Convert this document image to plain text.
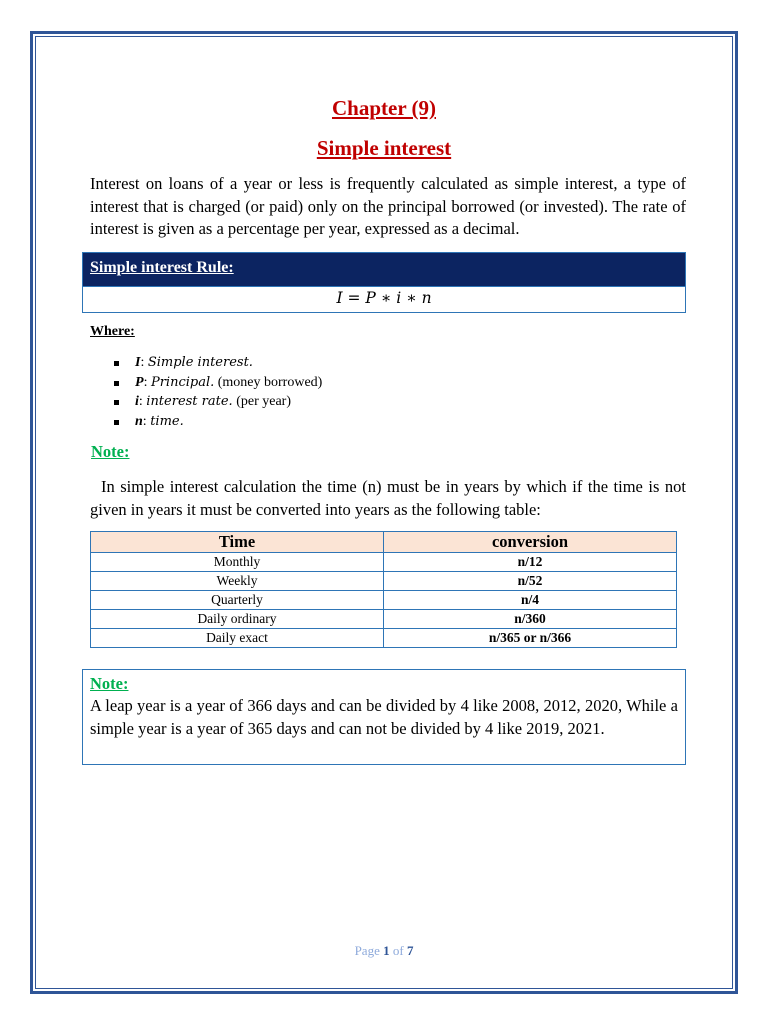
Chapter (9)
Simple interest
Interest on loans of a year or less is frequently calculated as simple interest, a type of interest that is charged (or paid) only on the principal borrowed (or invested). The rate of interest is given as a percentage per year, expressed as a decimal.
Simple interest Rule:
I = P ∗ i ∗ n
Where:
I: Simple interest.
P: Principal. (money borrowed)
i: interest rate. (per year)
n: time.
Note:
In simple interest calculation the time (n) must be in years by which if the time is not given in years it must be converted into years as the following table:
Time	conversion
Monthly	n/12
Weekly	n/52
Quarterly	n/4
Daily ordinary	n/360
Daily exact	n/365 or n/366
Note:
A leap year is a year of 366 days and can be divided by 4 like 2008, 2012, 2020, While a simple year is a year of 365 days and can not be divided by 4 like 2019, 2021.
Page 1 of 7
